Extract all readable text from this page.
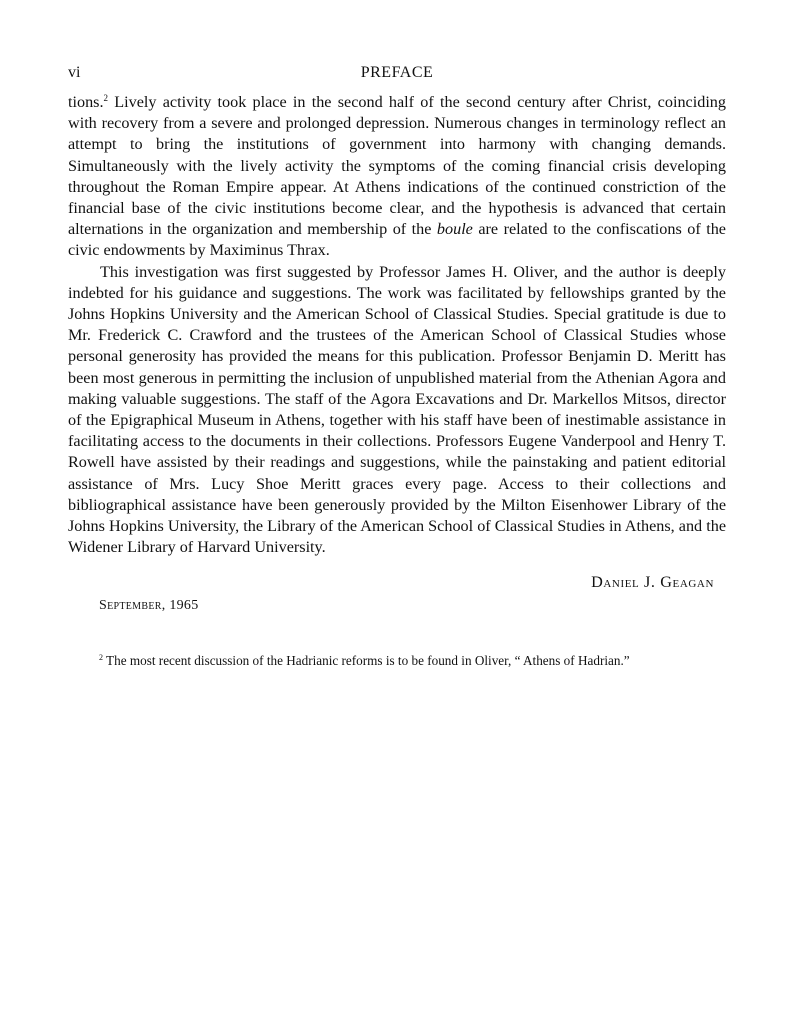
vi	PREFACE

tions.$^2$ Lively activity took place in the second half of the second century after Christ, coinciding with recovery from a severe and prolonged depression. Numerous changes in terminology reflect an attempt to bring the institutions of government into harmony with changing demands. Simultaneously with the lively activity the symptoms of the coming financial crisis developing throughout the Roman Empire appear. At Athens indications of the continued constriction of the financial base of the civic institutions become clear, and the hypothesis is advanced that certain alternations in the organization and membership of the boule are related to the confiscations of the civic endowments by Maximinus Thrax.

This investigation was first suggested by Professor James H. Oliver, and the author is deeply indebted for his guidance and suggestions. The work was facilitated by fellowships granted by the Johns Hopkins University and the American School of Classical Studies. Special gratitude is due to Mr. Frederick C. Crawford and the trustees of the American School of Classical Studies whose personal generosity has provided the means for this publication. Professor Benjamin D. Meritt has been most generous in permitting the inclusion of unpublished material from the Athenian Agora and making valuable suggestions. The staff of the Agora Excavations and Dr. Markellos Mitsos, director of the Epigraphical Museum in Athens, together with his staff have been of inestimable assistance in facilitating access to the documents in their collections. Professors Eugene Vanderpool and Henry T. Rowell have assisted by their readings and suggestions, while the painstaking and patient editorial assistance of Mrs. Lucy Shoe Meritt graces every page. Access to their collections and bibliographical assistance have been generously provided by the Milton Eisenhower Library of the Johns Hopkins University, the Library of the American School of Classical Studies in Athens, and the Widener Library of Harvard University.

Daniel J. Geagan
September, 1965
$^2$ The most recent discussion of the Hadrianic reforms is to be found in Oliver, “ Athens of Hadrian.”
